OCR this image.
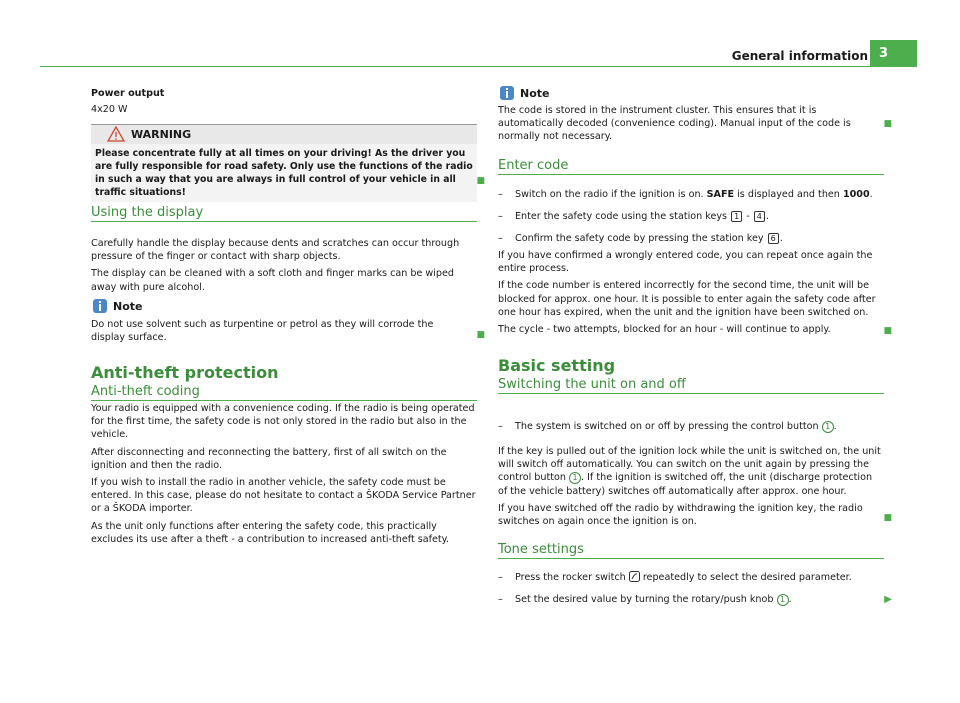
General information 3

Power output

4x20 W

WARNING
Please concentrate fully at all times on your driving! As the driver you are fully responsible for road safety. Only use the functions of the radio in such a way that you are always in full control of your vehicle in all traffic situations!
■
Using the display

Carefully handle the display because dents and scratches can occur through pressure of the finger or contact with sharp objects.

The display can be cleaned with a soft cloth and finger marks can be wiped away with pure alcohol.

Note

Do not use solvent such as turpentine or petrol as they will corrode the display surface.	■
Anti-theft protection
Anti-theft coding

Your radio is equipped with a convenience coding. If the radio is being operated for the first time, the safety code is not only stored in the radio but also in the vehicle.

After disconnecting and reconnecting the battery, first of all switch on the ignition and then the radio.

If you wish to install the radio in another vehicle, the safety code must be entered. In this case, please do not hesitate to contact a ŠKODA Service Partner or a ŠKODA importer.

As the unit only functions after entering the safety code, this practically excludes its use after a theft - a contribution to increased anti-theft safety.

Note

The code is stored in the instrument cluster. This ensures that it is automatically decoded (convenience coding). Manual input of the code is normally not necessary.

■
Enter code
– Switch on the radio if the ignition is on. SAFE is displayed and then 1000.
– Enter the safety code using the station keys 1 - 4 .
– Confirm the safety code by pressing the station key 6 .

If you have confirmed a wrongly entered code, you can repeat once again the entire process.

If the code number is entered incorrectly for the second time, the unit will be blocked for approx. one hour. It is possible to enter again the safety code after one hour has expired, when the unit and the ignition have been switched on.

The cycle - two attempts, blocked for an hour - will continue to apply.	■
Basic setting
Switching the unit on and off
– The system is switched on or off by pressing the control button 1 .

If the key is pulled out of the ignition lock while the unit is switched on, the unit will switch off automatically. You can switch on the unit again by pressing the control button 1 . If the ignition is switched off, the unit (discharge protection of the vehicle battery) switches off automatically after approx. one hour.

If you have switched off the radio by withdrawing the ignition key, the radio switches on again once the ignition is on.	■
Tone settings
– Press the rocker switch  repeatedly to select the desired parameter.
– Set the desired value by turning the rotary/push knob 1 .	▶
